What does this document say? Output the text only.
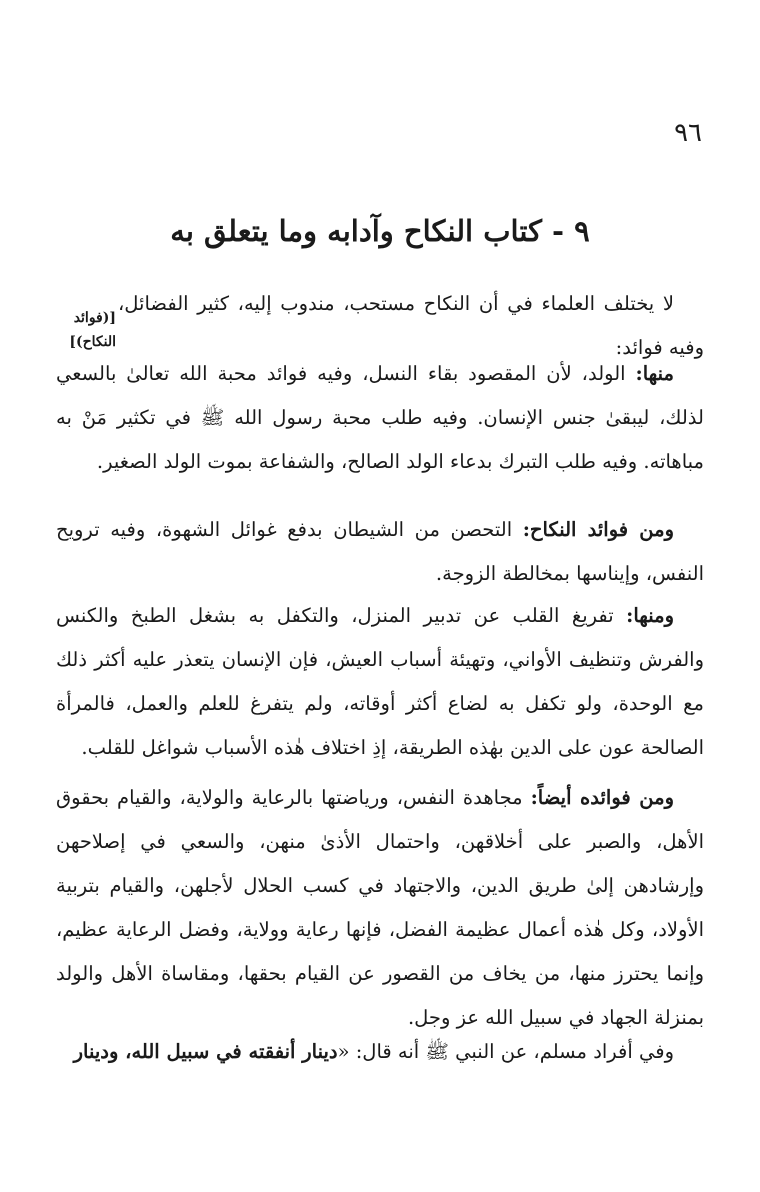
٩٦
٩ - كتاب النكاح وآدابه وما يتعلق به
[(فوائد
النكاح)]

لا يختلف العلماء في أن النكاح مستحب، مندوب إليه، كثير الفضائل، وفيه فوائد:

منها: الولد، لأن المقصود بقاء النسل، وفيه فوائد محبة الله تعالىٰ بالسعي لذلك، ليبقىٰ جنس الإنسان. وفيه طلب محبة رسول الله ﷺ في تكثير مَنْ به مباهاته. وفيه طلب التبرك بدعاء الولد الصالح، والشفاعة بموت الولد الصغير.

ومن فوائد النكاح: التحصن من الشيطان بدفع غوائل الشهوة، وفيه ترويح النفس، وإيناسها بمخالطة الزوجة.

ومنها: تفريغ القلب عن تدبير المنزل، والتكفل به بشغل الطبخ والكنس والفرش وتنظيف الأواني، وتهيئة أسباب العيش، فإن الإنسان يتعذر عليه أكثر ذلك مع الوحدة، ولو تكفل به لضاع أكثر أوقاته، ولم يتفرغ للعلم والعمل، فالمرأة الصالحة عون على الدين بهٰذه الطريقة، إذِ اختلاف هٰذه الأسباب شواغل للقلب.

ومن فوائده أيضاً: مجاهدة النفس، ورياضتها بالرعاية والولاية، والقيام بحقوق الأهل، والصبر على أخلاقهن، واحتمال الأذىٰ منهن، والسعي في إصلاحهن وإرشادهن إلىٰ طريق الدين، والاجتهاد في كسب الحلال لأجلهن، والقيام بتربية الأولاد، وكل هٰذه أعمال عظيمة الفضل، فإنها رعاية وولاية، وفضل الرعاية عظيم، وإنما يحترز منها، من يخاف من القصور عن القيام بحقها، ومقاساة الأهل والولد بمنزلة الجهاد في سبيل الله عز وجل.

وفي أفراد مسلم، عن النبي ﷺ أنه قال: «دينار أنفقته في سبيل الله، ودينار
